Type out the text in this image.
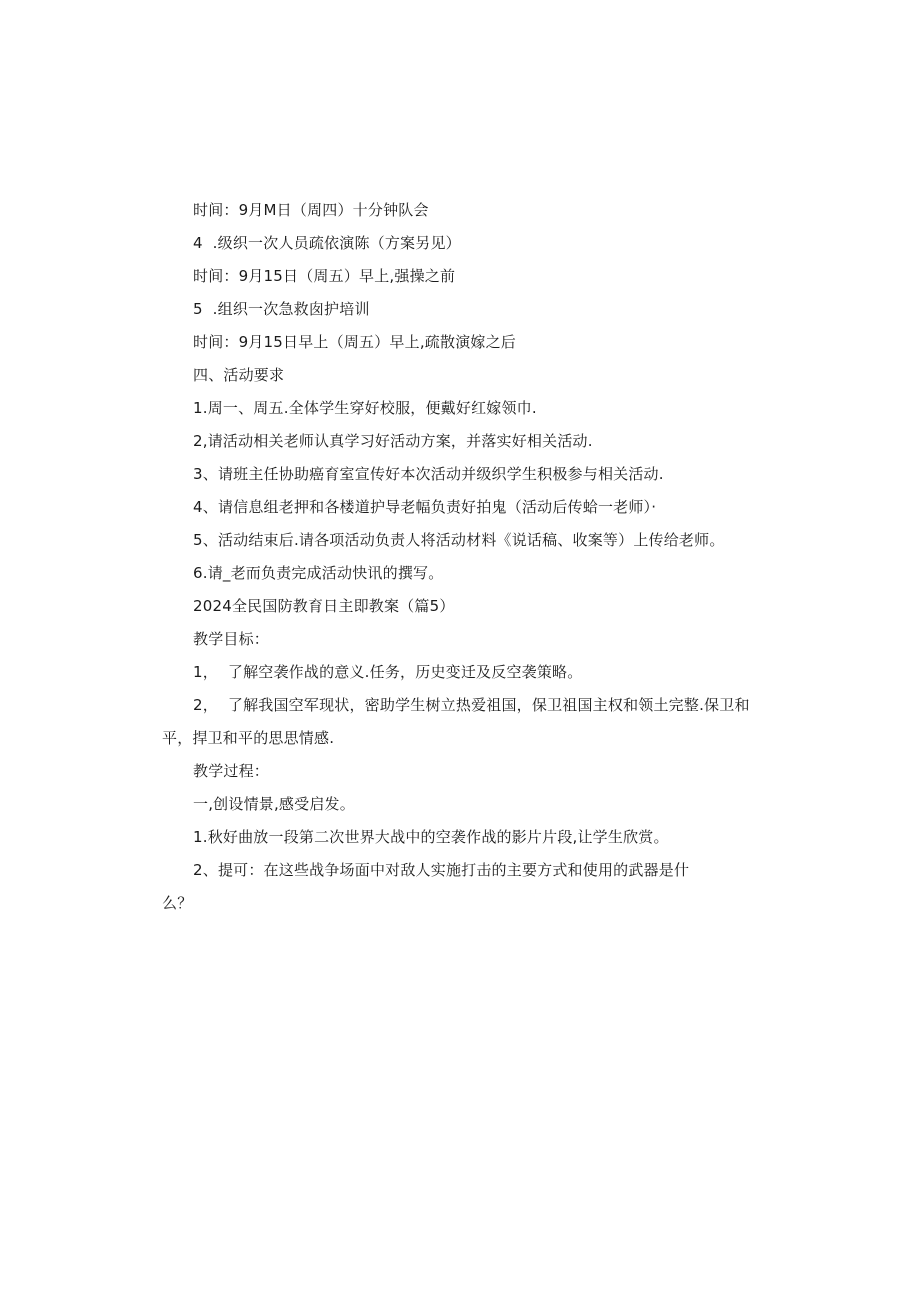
时间：9月M日（周四）十分钟队会
4  .级织一次人员疏依演陈（方案另见）
时间：9月15日（周五）早上,强操之前
5  .组织一次急救囱护培训
时间：9月15日早上（周五）早上,疏散演嫁之后
四、活动要求
1.周一、周五.全体学生穿好校服，便戴好红嫁领巾.
2,请活动相关老师认真学习好活动方案，并落实好相关活动.
3、请班主任协助癌育室宣传好本次活动并级织学生积极参与相关活动.
4、请信息组老押和各楼道护导老幅负责好拍鬼（活动后传蛤一老师）·
5、活动结束后.请各项活动负责人将活动材料《说话稿、收案等）上传给老师。
6.请_老而负责完成活动快讯的撰写。
2024全民国防教育日主即教案（篇5）
教学目标：
1，  了解空袭作战的意义.任务，历史变迁及反空袭策略。
2，  了解我国空军现状，密助学生树立热爱祖国，保卫祖国主权和领土完整.保卫和
平，捍卫和平的思思情感.
教学过程：
一,创设情景,感受启发。
1.秋好曲放一段第二次世界大战中的空袭作战的影片片段,让学生欣赏。
2、提可：在这些战争场面中对敌人实施打击的主要方式和使用的武器是什
么？
